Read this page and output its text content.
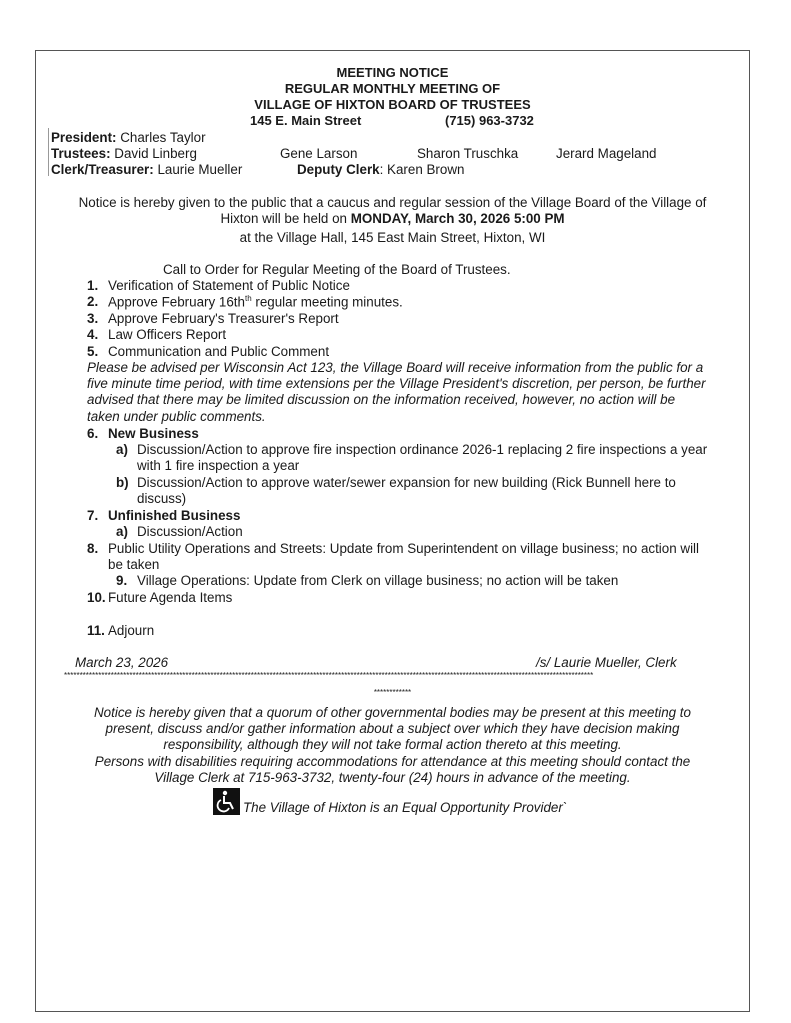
MEETING NOTICE
REGULAR MONTHLY MEETING OF
VILLAGE OF HIXTON BOARD OF TRUSTEES
145 E. Main Street	(715) 963-3732
President: Charles Taylor
Trustees: David Linberg	Gene Larson	Sharon Truschka	Jerard Mageland
Clerk/Treasurer: Laurie Mueller	Deputy Clerk: Karen Brown
Notice is hereby given to the public that a caucus and regular session of the Village Board of the Village of
Hixton will be held on MONDAY, March 30, 2026 5:00 PM
at the Village Hall, 145 East Main Street, Hixton, WI
Call to Order for Regular Meeting of the Board of Trustees.
1. Verification of Statement of Public Notice
2. Approve February $16th^{th}$ regular meeting minutes.
3. Approve February's Treasurer's Report
4. Law Officers Report
5. Communication and Public Comment
Please be advised per Wisconsin Act 123, the Village Board will receive information from the public for a
five minute time period, with time extensions per the Village President's discretion, per person, be further
advised that there may be limited discussion on the information received, however, no action will be
taken under public comments.
6. New Business
a) Discussion/Action to approve fire inspection ordinance 2026-1 replacing 2 fire inspections a year
with 1 fire inspection a year
b) Discussion/Action to approve water/sewer expansion for new building (Rick Bunnell here to
discuss)
7. Unfinished Business
a) Discussion/Action
8. Public Utility Operations and Streets: Update from Superintendent on village business; no action will
be taken
9. Village Operations: Update from Clerk on village business; no action will be taken
10. Future Agenda Items
11. Adjourn
March 23, 2026	/s/ Laurie Mueller, Clerk
**************************************************************************************************************************************************************************
************
Notice is hereby given that a quorum of other governmental bodies may be present at this meeting to
present, discuss and/or gather information about a subject over which they have decision making
responsibility, although they will not take formal action thereto at this meeting.
Persons with disabilities requiring accommodations for attendance at this meeting should contact the
Village Clerk at 715-963-3732, twenty-four (24) hours in advance of the meeting.
The Village of Hixton is an Equal Opportunity Provider`
